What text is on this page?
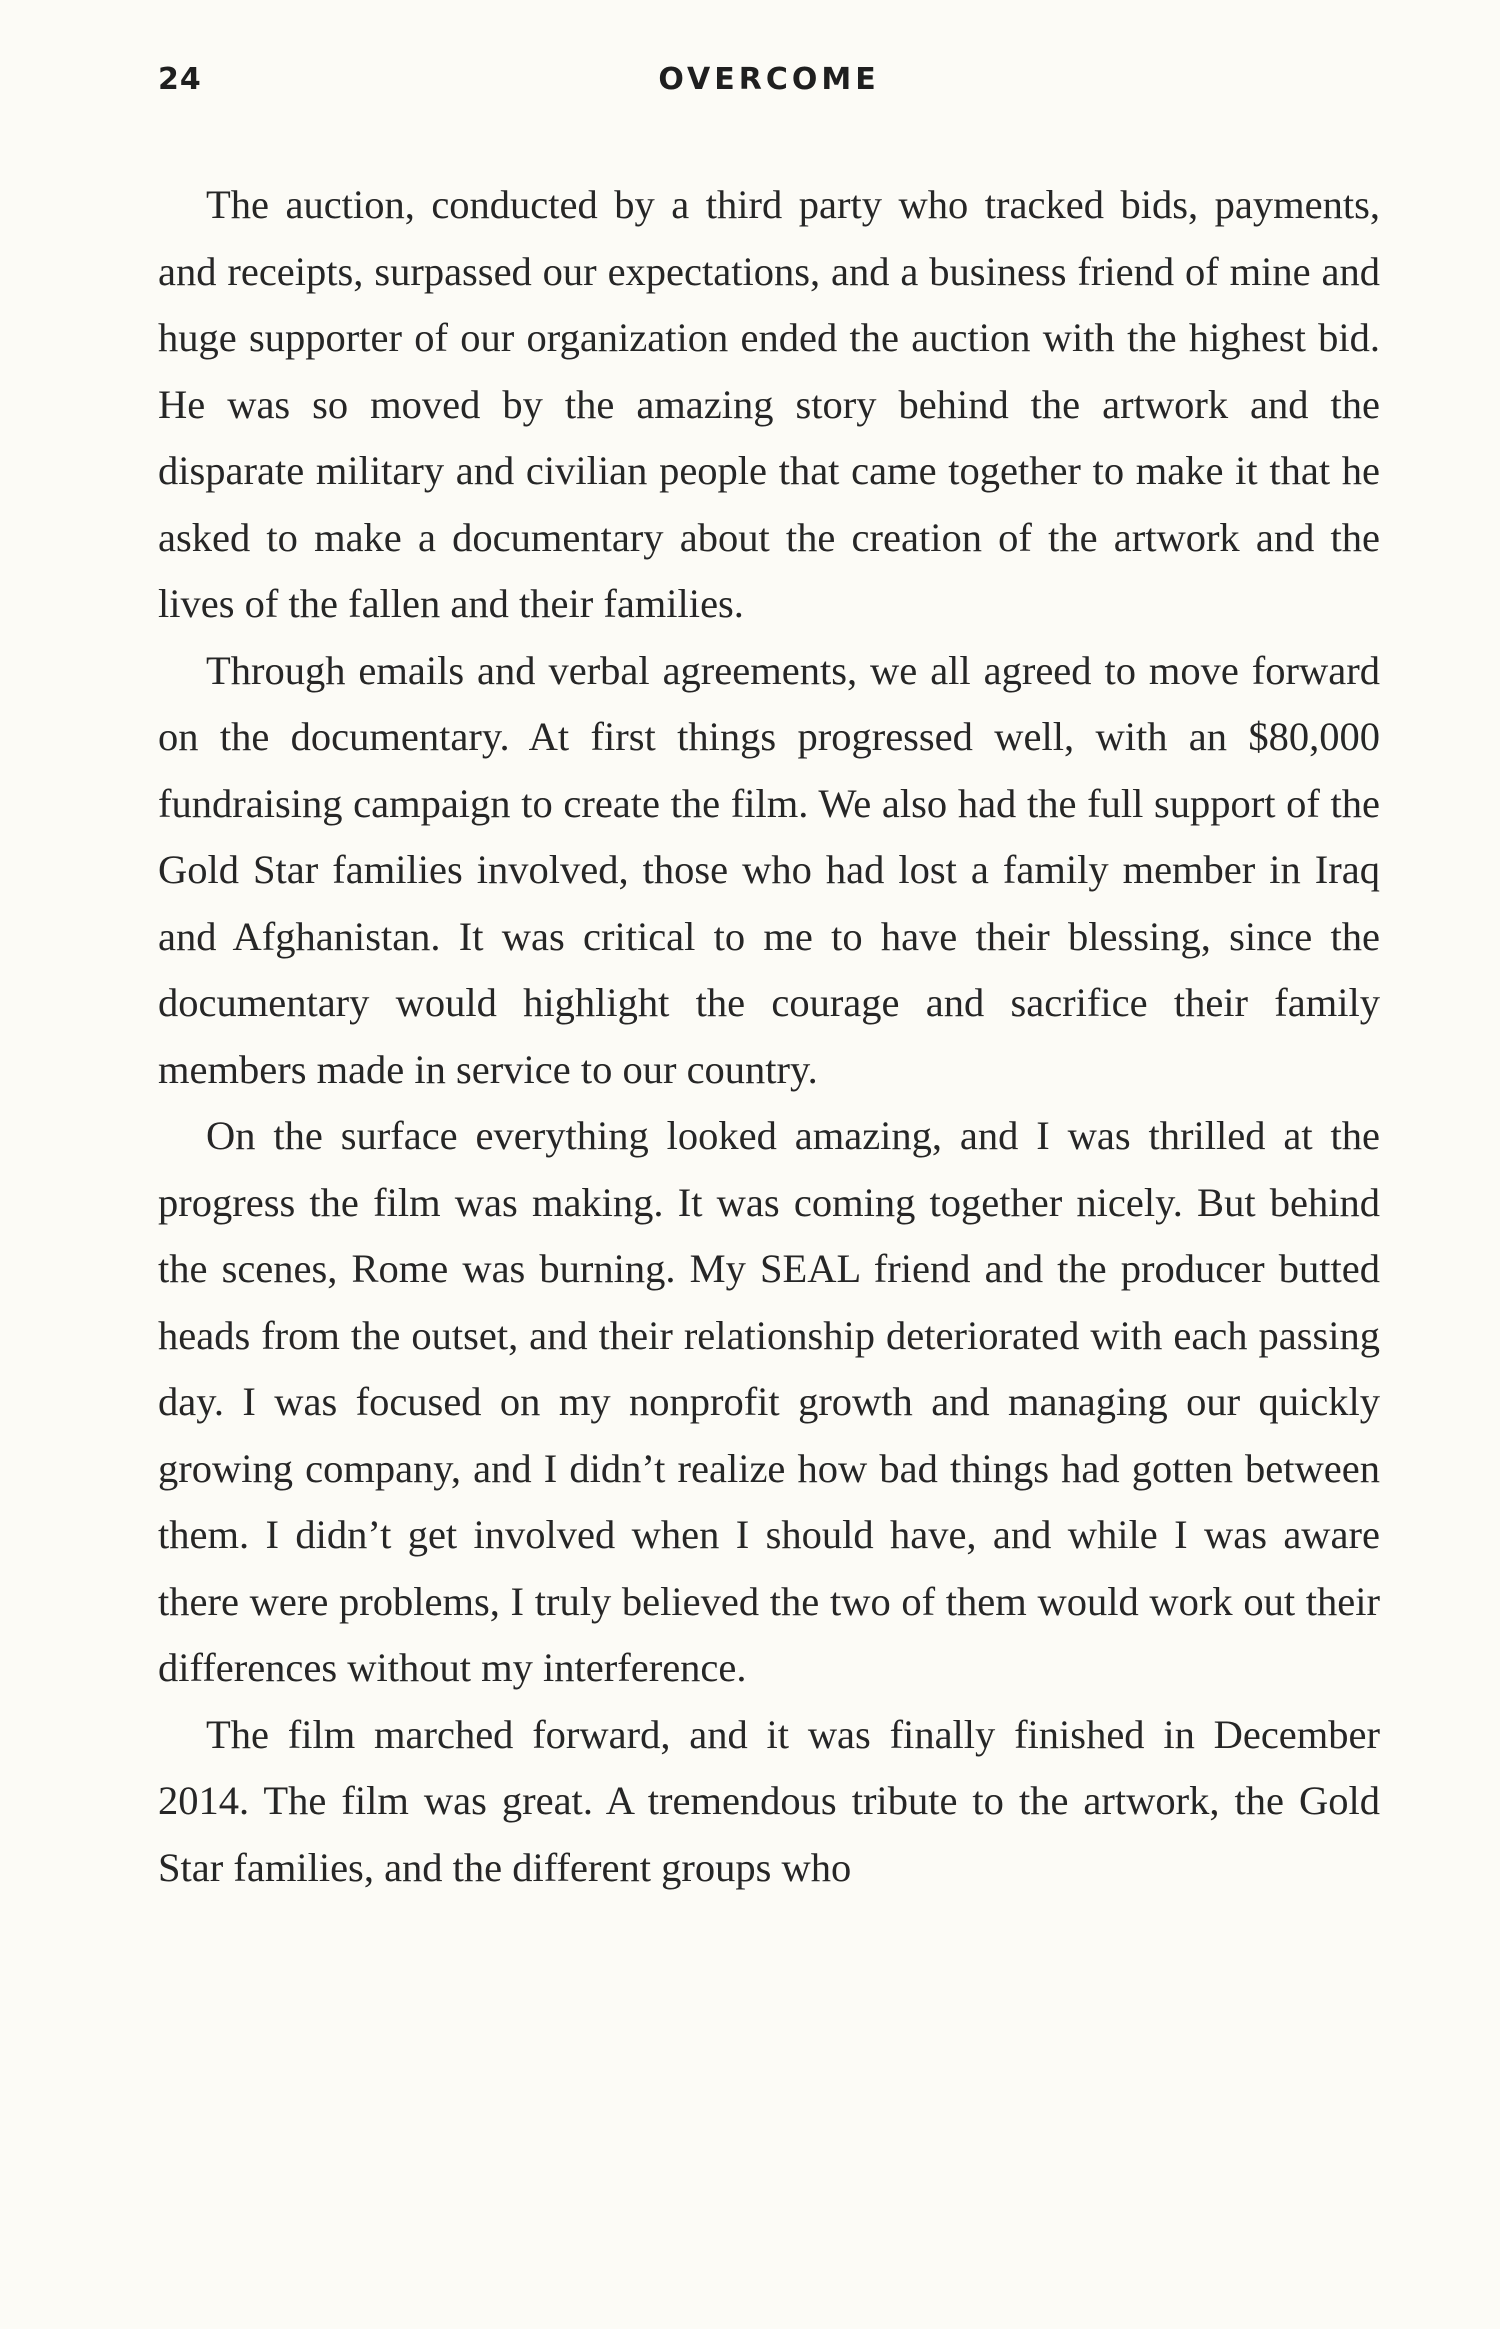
24	OVERCOME

The auction, conducted by a third party who tracked bids, payments, and receipts, surpassed our expectations, and a business friend of mine and huge supporter of our organization ended the auction with the highest bid. He was so moved by the amazing story behind the artwork and the disparate military and civilian people that came together to make it that he asked to make a documentary about the creation of the artwork and the lives of the fallen and their families.

Through emails and verbal agreements, we all agreed to move forward on the documentary. At first things progressed well, with an $80,000 fundraising campaign to create the film. We also had the full support of the Gold Star families involved, those who had lost a family member in Iraq and Afghanistan. It was critical to me to have their blessing, since the documentary would highlight the courage and sacrifice their family members made in service to our country.

On the surface everything looked amazing, and I was thrilled at the progress the film was making. It was coming together nicely. But behind the scenes, Rome was burning. My SEAL friend and the producer butted heads from the outset, and their relationship deteriorated with each passing day. I was focused on my nonprofit growth and managing our quickly growing company, and I didn’t realize how bad things had gotten between them. I didn’t get involved when I should have, and while I was aware there were problems, I truly believed the two of them would work out their differences without my interference.

The film marched forward, and it was finally finished in December 2014. The film was great. A tremendous tribute to the artwork, the Gold Star families, and the different groups who
